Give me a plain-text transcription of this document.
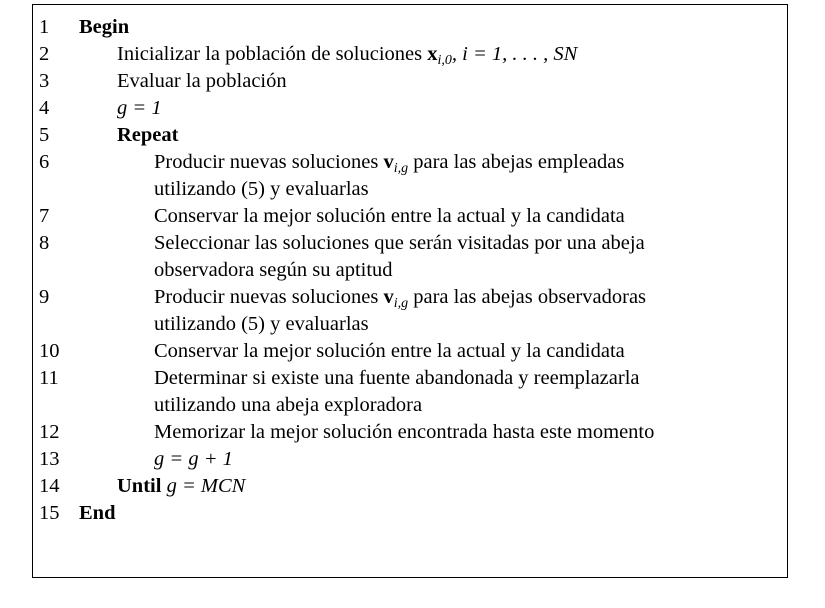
1	Begin
2	Inicializar la población de soluciones $x_{i,0}$, i = 1, . . . , SN
3	Evaluar la población
4	g = 1
5	Repeat
6	Producir nuevas soluciones $v_{i,g}$ para las abejas empleadas
utilizando (5) y evaluarlas
7	Conservar la mejor solución entre la actual y la candidata
8	Seleccionar las soluciones que serán visitadas por una abeja
observadora según su aptitud
9	Producir nuevas soluciones $v_{i,g}$ para las abejas observadoras
utilizando (5) y evaluarlas
10	Conservar la mejor solución entre la actual y la candidata
11	Determinar si existe una fuente abandonada y reemplazarla
utilizando una abeja exploradora
12	Memorizar la mejor solución encontrada hasta este momento
13	g = g + 1
14	Until g = MCN
15 End
